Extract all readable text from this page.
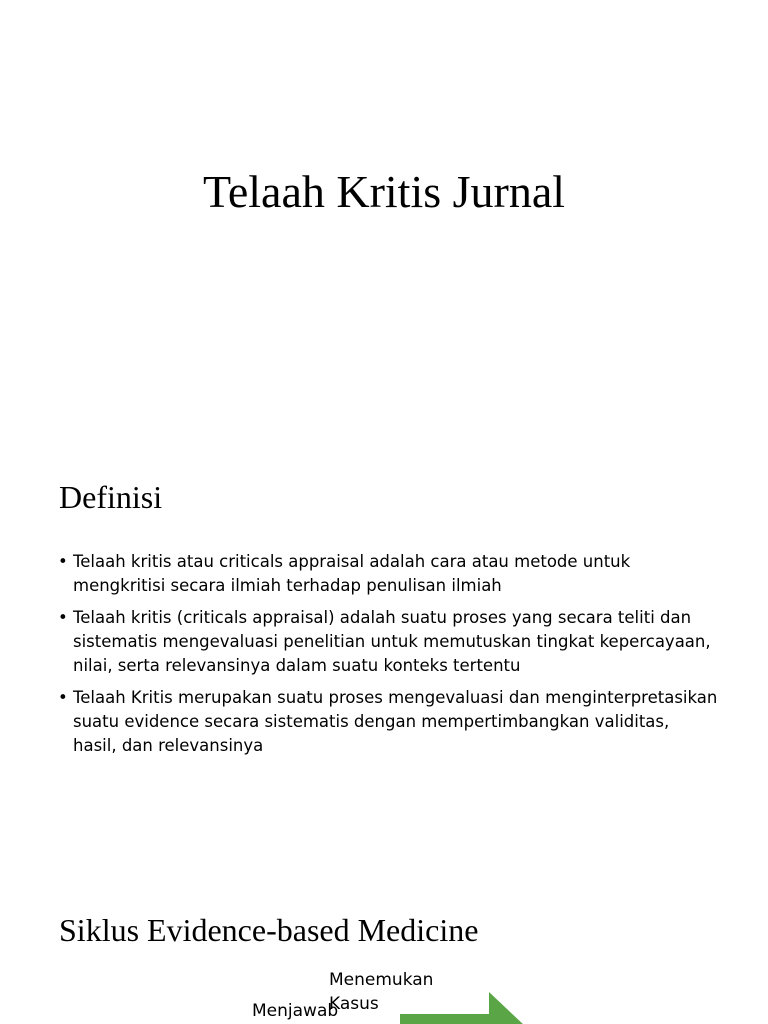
Telaah Kritis Jurnal
Definisi
• Telaah kritis atau criticals appraisal adalah cara atau metode untuk mengkritisi secara ilmiah terhadap penulisan ilmiah
• Telaah kritis (criticals appraisal) adalah suatu proses yang secara teliti dan sistematis mengevaluasi penelitian untuk memutuskan tingkat kepercayaan, nilai, serta relevansinya dalam suatu konteks tertentu
• Telaah Kritis merupakan suatu proses mengevaluasi dan menginterpretasikan suatu evidence secara sistematis dengan mempertimbangkan validitas, hasil, dan relevansinya
Siklus Evidence-based Medicine

Menemukan Kasus

Menjawab
